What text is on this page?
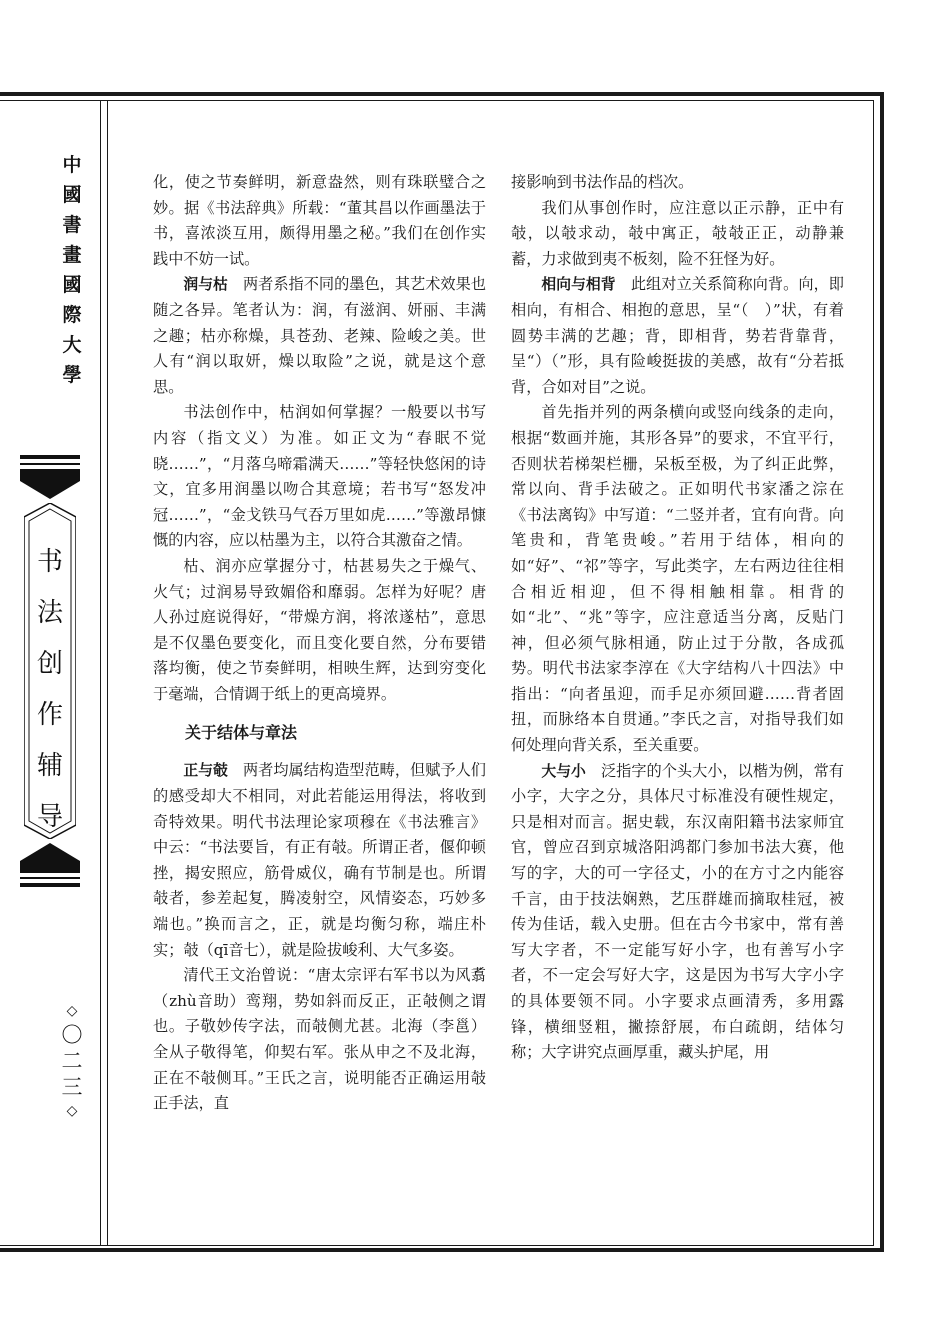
中
國
書
畫
國
際
大
學
书
法
创
作
辅
导
◇
〇
二
三
◇

化，使之节奏鲜明，新意盎然，则有珠联璧合之妙。据《书法辞典》所载：“董其昌以作画墨法于书，喜浓淡互用，颇得用墨之秘。”我们在创作实践中不妨一试。

润与枯　两者系指不同的墨色，其艺术效果也随之各异。笔者认为：润，有滋润、妍丽、丰满之趣；枯亦称燥，具苍劲、老辣、险峻之美。世人有“润以取妍，燥以取险”之说，就是这个意思。

书法创作中，枯润如何掌握？一般要以书写内容（指文义）为准。如正文为“春眠不觉晓……”，“月落乌啼霜满天……”等轻快悠闲的诗文，宜多用润墨以吻合其意境；若书写“怒发冲冠……”，“金戈铁马气吞万里如虎……”等激昂慷慨的内容，应以枯墨为主，以符合其激奋之情。

枯、润亦应掌握分寸，枯甚易失之于燥气、火气；过润易导致媚俗和靡弱。怎样为好呢？唐人孙过庭说得好，“带燥方润，将浓遂枯”，意思是不仅墨色要变化，而且变化要自然，分布要错落均衡，使之节奏鲜明，相映生辉，达到穷变化于毫端，合情调于纸上的更高境界。

关于结体与章法

正与攲　两者均属结构造型范畴，但赋予人们的感受却大不相同，对此若能运用得法，将收到奇特效果。明代书法理论家项穆在《书法雅言》中云：“书法要旨，有正有攲。所谓正者，偃仰顿挫，揭安照应，筋骨威仪，确有节制是也。所谓攲者，参差起复，腾凌射空，风情姿态，巧妙多端也。”换而言之，正，就是均衡匀称，端庄朴实；攲（qī音七），就是险拔峻利、大气多姿。

清代王文治曾说：“唐太宗评右军书以为风翥（zhù音助）鸾翔，势如斜而反正，正攲侧之谓也。子敬妙传字法，而攲侧尤甚。北海（李邕）全从子敬得笔，仰契右军。张从申之不及北海，正在不攲侧耳。”王氏之言，说明能否正确运用攲正手法，直

接影响到书法作品的档次。

我们从事创作时，应注意以正示静，正中有攲，以攲求动，攲中寓正，攲攲正正，动静兼蓄，力求做到夷不板刻，险不狂怪为好。

相向与相背　此组对立关系简称向背。向，即相向，有相合、相抱的意思，呈“（　）”状，有着圆势丰满的艺趣；背，即相背，势若背靠背，呈“）（”形，具有险峻挺拔的美感，故有“分若抵背，合如对目”之说。

首先指并列的两条横向或竖向线条的走向，根据“数画并施，其形各异”的要求，不宜平行，否则状若梯架栏栅，呆板至极，为了纠正此弊，常以向、背手法破之。正如明代书家潘之淙在《书法离钩》中写道：“二竖并者，宜有向背。向笔贵和，背笔贵峻。”若用于结体，相向的如“好”、“祁”等字，写此类字，左右两边往往相合相近相迎，但不得相触相靠。相背的如“北”、“兆”等字，应注意适当分离，反贴门神，但必须气脉相通，防止过于分散，各成孤势。明代书法家李淳在《大字结构八十四法》中指出：“向者虽迎，而手足亦须回避……背者固扭，而脉络本自贯通。”李氏之言，对指导我们如何处理向背关系，至关重要。

大与小　泛指字的个头大小，以楷为例，常有小字，大字之分，具体尺寸标准没有硬性规定，只是相对而言。据史载，东汉南阳籍书法家师宜官，曾应召到京城洛阳鸿都门参加书法大赛，他写的字，大的可一字径丈，小的在方寸之内能容千言，由于技法娴熟，艺压群雄而摘取桂冠，被传为佳话，载入史册。但在古今书家中，常有善写大字者，不一定能写好小字，也有善写小字者，不一定会写好大字，这是因为书写大字小字的具体要领不同。小字要求点画清秀，多用露锋，横细竖粗，撇捺舒展，布白疏朗，结体匀称；大字讲究点画厚重，藏头护尾，用
